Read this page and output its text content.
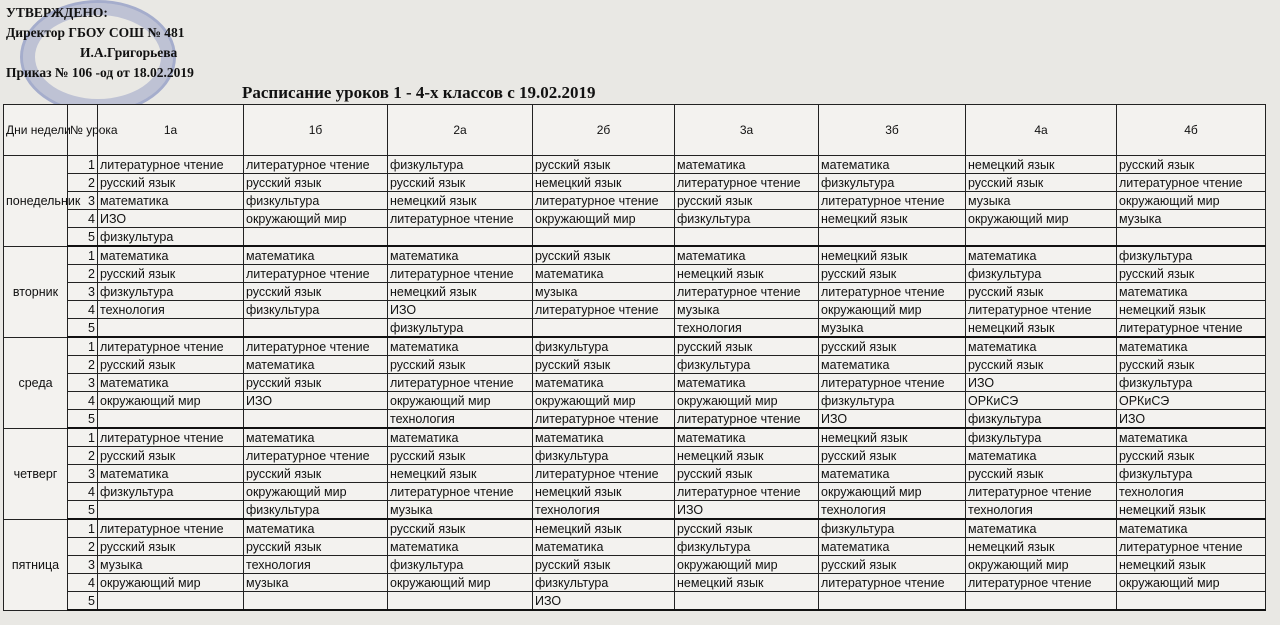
УТВЕРЖДЕНО:
Директор ГБОУ СОШ № 481
И.А.Григорьева
Приказ № 106 -од от 18.02.2019
Расписание уроков 1 - 4-х классов с 19.02.2019
Дни недели	№ урока	1а	1б	2а	2б	3а	3б	4а	4б
понедельник	1	литературное чтение	литературное чтение	физкультура	русский язык	математика	математика	немецкий язык	русский язык
	2	русский язык	русский язык	русский язык	немецкий язык	литературное чтение	физкультура	русский язык	литературное чтение
	3	математика	физкультура	немецкий язык	литературное чтение	русский язык	литературное чтение	музыка	окружающий мир
	4	ИЗО	окружающий мир	литературное чтение	окружающий мир	физкультура	немецкий язык	окружающий мир	музыка
	5	физкультура							
вторник	1	математика	математика	математика	русский язык	математика	немецкий язык	математика	физкультура
	2	русский язык	литературное чтение	литературное чтение	математика	немецкий язык	русский язык	физкультура	русский язык
	3	физкультура	русский язык	немецкий язык	музыка	литературное чтение	литературное чтение	русский язык	математика
	4	технология	физкультура	ИЗО	литературное чтение	музыка	окружающий мир	литературное чтение	немецкий язык
	5			физкультура		технология	музыка	немецкий язык	литературное чтение
среда	1	литературное чтение	литературное чтение	математика	физкультура	русский язык	русский язык	математика	математика
	2	русский язык	математика	русский язык	русский язык	физкультура	математика	русский язык	русский язык
	3	математика	русский язык	литературное чтение	математика	математика	литературное чтение	ИЗО	физкультура
	4	окружающий мир	ИЗО	окружающий мир	окружающий мир	окружающий мир	физкультура	ОРКиСЭ	ОРКиСЭ
	5			технология	литературное чтение	литературное чтение	ИЗО	физкультура	ИЗО
четверг	1	литературное чтение	математика	математика	математика	математика	немецкий язык	физкультура	математика
	2	русский язык	литературное чтение	русский язык	физкультура	немецкий язык	русский язык	математика	русский язык
	3	математика	русский язык	немецкий язык	литературное чтение	русский язык	математика	русский язык	физкультура
	4	физкультура	окружающий мир	литературное чтение	немецкий язык	литературное чтение	окружающий мир	литературное чтение	технология
	5		физкультура	музыка	технология	ИЗО	технология	технология	немецкий язык
пятница	1	литературное чтение	математика	русский язык	немецкий язык	русский язык	физкультура	математика	математика
	2	русский язык	русский язык	математика	математика	физкультура	математика	немецкий язык	литературное чтение
	3	музыка	технология	физкультура	русский язык	окружающий мир	русский язык	окружающий мир	немецкий язык
	4	окружающий мир	музыка	окружающий мир	физкультура	немецкий язык	литературное чтение	литературное чтение	окружающий мир
	5				ИЗО				
